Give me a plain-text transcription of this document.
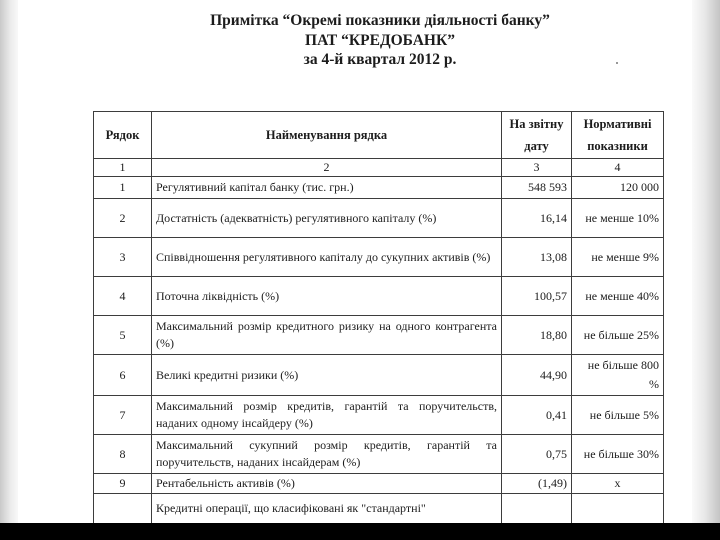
Примітка “Окремі показники діяльності банку”
ПАТ “КРЕДОБАНК”
за 4-й квартал 2012 р.
Рядок	Найменування рядка	На звітну дату	Нормативні показники
1	2	3	4
1	Регулятивний капітал банку (тис. грн.)	548 593	120 000
2	Достатність (адекватність) регулятивного капіталу (%)	16,14	не менше 10%
3	Співвідношення регулятивного капіталу до сукупних активів (%)	13,08	не менше 9%
4	Поточна ліквідність (%)	100,57	не менше 40%
5	Максимальний розмір кредитного ризику на одного контрагента (%)	18,80	не більше 25%
6	Великі кредитні ризики (%)	44,90	не більше 800 %
7	Максимальний розмір кредитів, гарантій та поручительств, наданих одному інсайдеру (%)	0,41	не більше 5%
8	Максимальний сукупний розмір кредитів, гарантій та поручительств, наданих інсайдерам (%)	0,75	не більше 30%
9	Рентабельність активів (%)	(1,49)	х
	Кредитні операції, що класифіковані як "стандартні"		
